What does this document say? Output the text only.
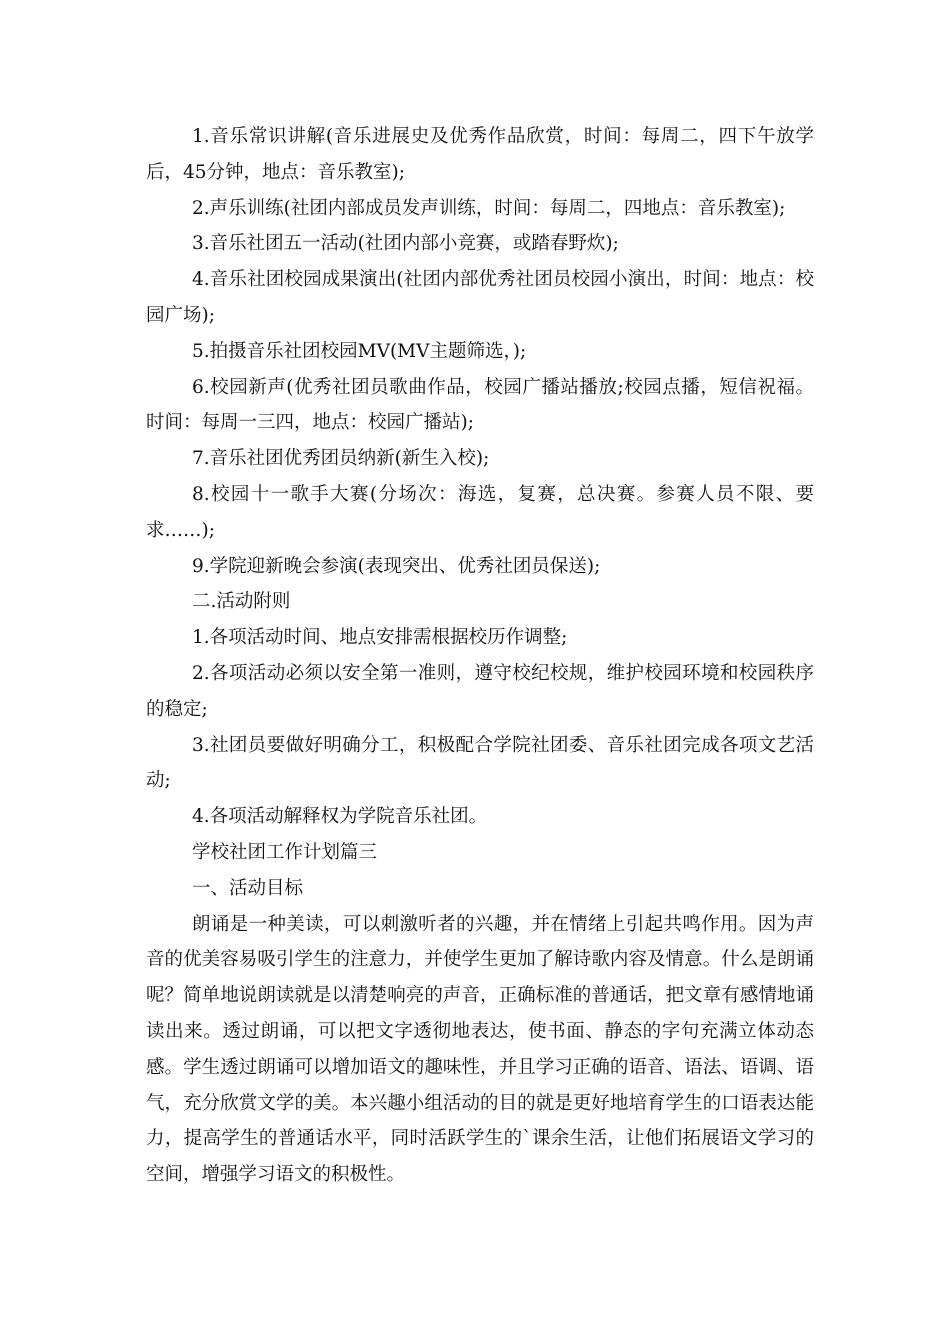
1.音乐常识讲解(音乐进展史及优秀作品欣赏，时间：每周二，四下午放学后，45分钟，地点：音乐教室);

2.声乐训练(社团内部成员发声训练，时间：每周二，四地点：音乐教室);

3.音乐社团五一活动(社团内部小竞赛，或踏春野炊);

4.音乐社团校园成果演出(社团内部优秀社团员校园小演出，时间：地点：校园广场);

5.拍摄音乐社团校园MV(MV主题筛选，);

6.校园新声(优秀社团员歌曲作品，校园广播站播放;校园点播，短信祝福。时间：每周一三四，地点：校园广播站);

7.音乐社团优秀团员纳新(新生入校);

8.校园十一歌手大赛(分场次：海选，复赛，总决赛。参赛人员不限、要求……);

9.学院迎新晚会参演(表现突出、优秀社团员保送);

二.活动附则

1.各项活动时间、地点安排需根据校历作调整;

2.各项活动必须以安全第一准则，遵守校纪校规，维护校园环境和校园秩序的稳定;

3.社团员要做好明确分工，积极配合学院社团委、音乐社团完成各项文艺活动;

4.各项活动解释权为学院音乐社团。

学校社团工作计划篇三

一、活动目标

朗诵是一种美读，可以刺激听者的兴趣，并在情绪上引起共鸣作用。因为声音的优美容易吸引学生的注意力，并使学生更加了解诗歌内容及情意。什么是朗诵呢？简单地说朗读就是以清楚响亮的声音，正确标准的普通话，把文章有感情地诵读出来。透过朗诵，可以把文字透彻地表达，使书面、静态的字句充满立体动态感。学生透过朗诵可以增加语文的趣味性，并且学习正确的语音、语法、语调、语气，充分欣赏文学的美。本兴趣小组活动的目的就是更好地培育学生的口语表达能力，提高学生的普通话水平，同时活跃学生的`课余生活，让他们拓展语文学习的空间，增强学习语文的积极性。
